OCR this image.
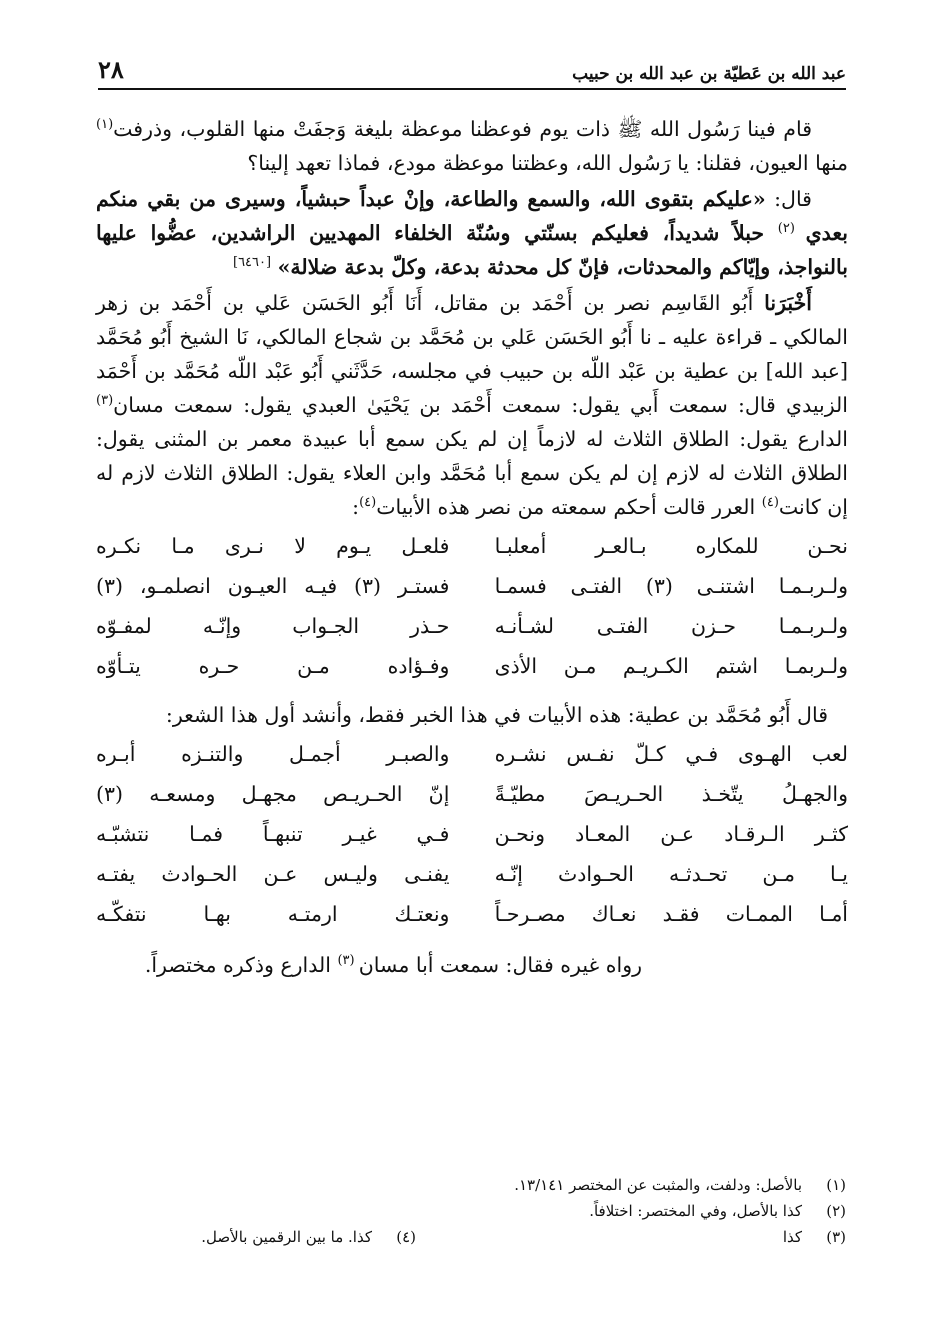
عبد الله بن عَطيّة بن عبد الله بن حبيب
٢٨

قام فينا رَسُول الله ﷺ ذات يوم فوعظنا موعظة بليغة وَجفَتْ منها القلوب، وذرفت$^{(١)}$ منها العيون، فقلنا: يا رَسُول الله، وعظتنا موعظة مودع، فماذا تعهد إلينا؟

قال: «عليكم بتقوى الله، والسمع والطاعة، وإنْ عبداً حبشياً، وسيرى من بقي منكم بعدي $^{(٢)}$ حبلاً شديداً، فعليكم بسنّتي وسُنّة الخلفاء المهديين الراشدين، عضُّوا عليها بالنواجذ، وإيّاكم والمحدثات، فإنّ كل محدثة بدعة، وكلّ بدعة ضلالة» [٦٤٦٠]

أَخْبَرَنا أَبُو القَاسِم نصر بن أَحْمَد بن مقاتل، أَنَا أَبُو الحَسَن عَلي بن أَحْمَد بن زهر المالكي ـ قراءة عليه ـ نا أَبُو الحَسَن عَلي بن مُحَمَّد بن شجاع المالكي، نَا الشيخ أَبُو مُحَمَّد [عبد الله] بن عطية بن عَبْد اللّه بن حبيب في مجلسه، حَدَّثَني أَبُو عَبْد اللّه مُحَمَّد بن أَحْمَد الزبيدي قال: سمعت أَبي يقول: سمعت أَحْمَد بن يَحْيَىٰ العبدي يقول: سمعت مسان$^{(٣)}$ الدارع يقول: الطلاق الثلاث له لازماً إن لم يكن سمع أبا عبيدة معمر بن المثنى يقول: الطلاق الثلاث له لازم إن لم يكن سمع أبا مُحَمَّد وابن العلاء يقول: الطلاق الثلاث لازم له إن كانت$^{(٤)}$ العرر قالت أحكم سمعته من نصر هذه الأبيات$^{(٤)}$:

نحـن للمكاره بـالعـر أمعلبـا
فلعـل يـوم لا نـرى مـا نكـره
ولـربـمـا اشتنـى (٣) الفتـى فسمـا
فستـر (٣) فيـه العيـون انصلمـو، (٣)
ولـربـمـا حـزن الفتـى لشـأنـه
حـذر الجـواب وإنّـه لمفـوّه
ولـربمـا اشتم الكـريـم مـن الأذى
وفـؤاده مـن حـره يتـأوّه

قال أَبُو مُحَمَّد بن عطية: هذه الأبيات في هذا الخبر فقط، وأنشد أول هذا الشعر:

لعب الهـوى فـي كـلّ نفـس نشـره
والصبـر أجمـل والتنـزه أبـره
والجهـلُ يتّخـذ الحـريـصَ مطيّـةً
إنّ الحـريـص مجهـل ومسعـه (٣)
كثـر الـرقـاد عـن المعـاد ونحـن
فـي غيـر تنبهـاً فمـا نتشبّـه
يـا مـن تحـدثـه الحـوادث إنّـه
يفنـى وليـس عـن الحـوادث يفتـه
أمـا الممـات فقـد نعـاك مصـرحـاً
ونعتـك ارمتـه بهـا نتفكّـه

رواه غيره فقال: سمعت أبا مسان $^{(٣)}$ الدارع وذكره مختصراً.

(١)
بالأصل: ودلفت، والمثبت عن المختصر ١٣/١٤١.
(٢)
كذا بالأصل، وفي المختصر: اختلافاً.
(٣)
كذا
(٤)
كذا. ما بين الرقمين بالأصل.
